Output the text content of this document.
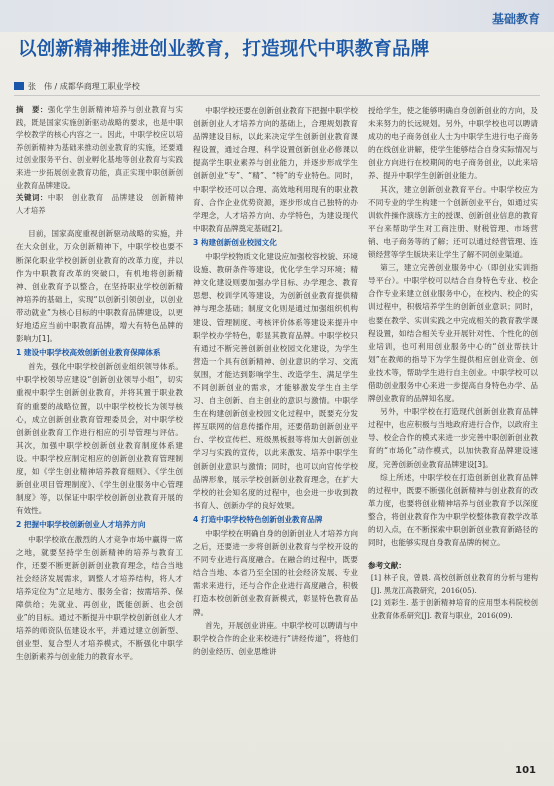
基础教育
以创新精神推进创业教育，打造现代中职教育品牌
张　伟 / 成都华商理工职业学校

摘　要：强化学生创新精神培养与创业教育与实践，既是国家实施创新驱动战略的要求，也是中职学校教学的核心内容之一。因此，中职学校应以培养创新精神为基础来推动创业教育的实施，还要通过创业服务平台、创业孵化基地等创业教育与实践来进一步拓展创业教育功能，真正实现中职创新创业教育品牌建设。

关键词：中职　创业教育　品牌建设　创新精神　人才培养

目前，国家高度重视创新驱动战略的实施，并在大众创业，万众创新精神下，中职学校也要不断深化职业学校创新创业教育的改革力度，并以作为中职教育改革的突破口，有机地将创新精神、创业教育予以整合，在坚持职业学校创新精神培养的基础上，实现“以创新引领创业，以创业带动就业”为核心目标的中职教育品牌建设，以更好地适应当前中职教育品牌，增大有特色品牌的影响力[1]。

1 建设中职学校高效创新创业教育保障体系

首先，强化中职学校创新创业组织领导体系。中职学校领导应建设“创新创业领导小组”，切实重视中职学生创新创业教育，并将其置于职业教育的重要的战略位置，以中职学校校长为领导核心，成立创新创业教育管理委员会，对中职学校创新创业教育工作进行相应的引导管理与评估。其次，加强中职学校创新创业教育制度体系建设。中职学校应制定相应的创新创业教育管理制度，如《学生创业精神培养教育细则》、《学生创新创业项目管理制度》、《学生创业服务中心管理制度》等，以保证中职学校创新创业教育开展的有效性。

2 把握中职学校创新创业人才培养方向

中职学校欲在激烈的人才竞争市场中赢得一席之地，就要坚持学生创新精神的培养与教育工作，还要不断更新创新创业教育理念，结合当地社会经济发展需求，调整人才培养结构，将人才培养定位为“立足地方、服务全省；按需培养、保障供给；先就业、再创业，既能创新、也会创业”的目标。通过不断提升中职学校创新创业人才培养的师资队伍建设水平，并通过建立创新型、创业型、复合型人才培养模式，不断强化中职学生创新素养与创业能力的教育水平。

中职学校还要在创新创业教育下把握中职学校创新创业人才培养方向的基础上，合理规划教育品牌建设目标，以此来决定学生创新创业教育课程设置，通过合理、科学设置创新创业必修课以提高学生职业素养与创业能力，并逐步形成学生创新创业“专”、“精”、“特”的专业特色。同时，中职学校还可以合理、高效地利用现有的职业教育、合作企业优势资源，逐步形成自己独特的办学理念，人才培养方向、办学特色，为建设现代中职教育品牌奠定基础[2]。

3 构建创新创业校园文化

中职学校物质文化建设应加强校容校貌、环境设施、教研条件等建设，优化学生学习环境；精神文化建设则要加强办学目标、办学理念、教育思想、校训学风等建设，为创新创业教育提供精神与理念基础；制度文化则是通过加强组织机构建设、管理制度、考核评价体系等建设来提升中职学校办学特色，彰显其教育品牌。中职学校只有通过不断完善创新创业校园文化建设，为学生营造一个具有创新精神、创业意识的学习、交流氛围，才能达到影响学生、改造学生、满足学生不同创新创业的需求，才能够激发学生自主学习、自主创新、自主创业的意识与激情。中职学生在构建创新创业校园文化过程中，既要充分发挥互联网的信息传播作用，还要借助创新创业平台、学校宣传栏、班级黑板报等将加大创新创业学习与实践的宣传，以此来激发、培养中职学生创新创业意识与激情；同时，也可以向官传学校品牌形象，展示学校创新创业教育理念，在扩大学校的社会知名度的过程中，也会进一步收到教书育人、创新办学的良好效果。

4 打造中职学校特色创新创业教育品牌

中职学校在明确自身的创新创业人才培养方向之后，还要进一步将创新创业教育与学校开设的不同专业进行高度融合。在融合的过程中，既要结合当地、本省乃至全国的社会经济发展、专业需求来进行，还与合作企业进行高度融合，积极打造本校创新创业教育新模式，彰显特色教育品牌。

首先，开展创业讲座。中职学校可以聘请与中职学校合作的企业来校进行“讲经传道”，将他们的创业经历、创业思维讲

授给学生，使之能够明确自身创新创业的方向，及未来努力的长远规划。另外，中职学校也可以聘请成功的电子商务创业人士为中职学生进行电子商务的在线创业讲解，使学生能够结合自身实际情况与创业方向进行在校期间的电子商务创业，以此来培养、提升中职学生创新创业能力。

其次，建立创新创业教育平台。中职学校应为不同专业的学生构建一个创新创业平台，如通过实训软件操作演练方主的授课、创新创业信息的教育平台来帮助学生对工商注册、财税管理、市场营销、电子商务等的了解；还可以通过经营管理、连锁经营等学生版块来让学生了解不同创业渠道。

第三，建立完善创业服务中心（即创业实训指导平台）。中职学校可以结合自身特色专业、校企合作专业来建立创业服务中心，在校内、校企的实训过程中，积极培养学生的创新创业意识；同时，也要在教学、实训实践之中完成相关的教育教学课程设置，如结合相关专业开展针对性、个性化的创业培训，也可利用创业服务中心的“创业帮扶计划”在教师的指导下为学生提供相应创业资金、创业技术等，帮助学生进行自主创业。中职学校可以借助创业服务中心来进一步提高自身特色办学、品牌创业教育的品牌知名度。

另外，中职学校在打造现代创新创业教育品牌过程中，也应积极与当地政府进行合作，以政府主导、校企合作的模式来进一步完善中职创新创业教育的“市场化”动作模式，以加快教育品牌建设速度，完善创新创业教育品牌建设[3]。

综上所述，中职学校在打造创新创业教育品牌的过程中，既要不断强化创新精神与创业教育的改革力度，也要将创业精神培养与创业教育予以深度整合，将创业教育作为中职学校整体教育教学改革的切入点，在不断探索中职创新创业教育新路径的同时，也能够实现自身教育品牌的树立。

参考文献：
[1] 林子良，曾晨. 高校创新创业教育的分析与建构[J]. 黑龙江高教研究，2016(05).
[2] 刘彩生. 基于创新精神培育的应用型本科院校创业教育体系研究[J]. 教育与职业，2016(09).
101
